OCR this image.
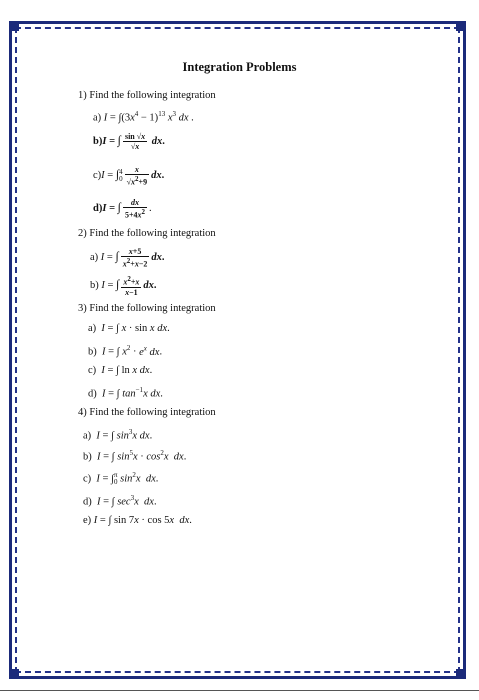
Integration Problems
1) Find the following integration
a) $I = \int(3x^4 - 1)^{13}$ $x^3$ dx .
b)I = ∫ $\frac{\sin √x}{√x}$ dx.
c)I = ∫4
$0 \frac{x}{√x^2+9}$ dx.
d)I = ∫ $\frac{dx}{5+4x^2}$ .
2) Find the following integration
a) I = ∫ $\frac{x+5}{x^2+x-2}$ dx.
b) I = ∫ $\frac{x^2+x}{x-1}$ dx.
3) Find the following integration
a)  I = ∫ x · sin x dx.
b)  I = ∫ $x^2 \cdot e^x$ dx.
c)  I = ∫ ln x dx.
d)  I = ∫ $\tan^{-1}x$ dx.
4) Find the following integration
a)  I = ∫ $\sin^3x$ dx.
b)  I = ∫ $\sin^5x \cdot \cos^2x$ dx.
c)  I = ∫π
0 $\sin^2x$ dx.
d)  I = ∫ $\sec^3x$ dx.
e) I = ∫ sin 7x · cos 5x dx.
